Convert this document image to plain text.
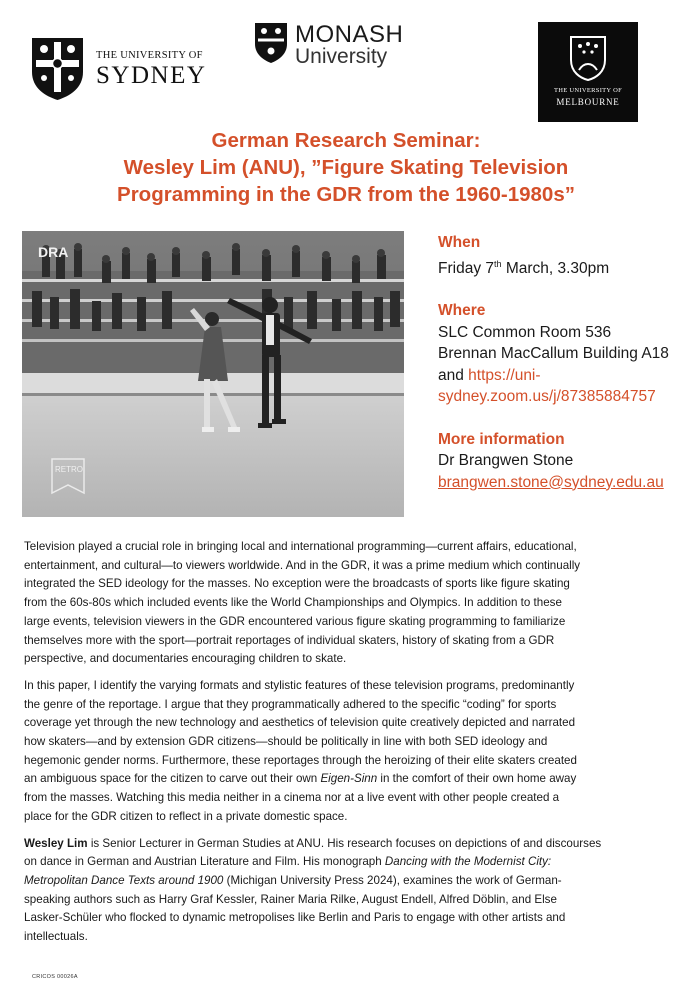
THE UNIVERSITY OF
SYDNEY
MONASH
University
THE UNIVERSITY OF
MELBOURNE
German Research Seminar:
Wesley Lim (ANU), ”Figure Skating Television
Programming in the GDR from the 1960-1980s”
DRA
RETRO
When
Friday 7th March, 3.30pm
Where
SLC Common Room 536
Brennan MacCallum Building A18
and https://uni-
sydney.zoom.us/j/87385884757
More information
Dr Brangwen Stone
brangwen.stone@sydney.edu.au

Television played a crucial role in bringing local and international programming—current affairs, educational,
entertainment, and cultural—to viewers worldwide. And in the GDR, it was a prime medium which continually
integrated the SED ideology for the masses. No exception were the broadcasts of sports like figure skating
from the 60s-80s which included events like the World Championships and Olympics. In addition to these
large events, television viewers in the GDR encountered various figure skating programming to familiarize
themselves more with the sport—portrait reportages of individual skaters, history of skating from a GDR
perspective, and documentaries encouraging children to skate.

In this paper, I identify the varying formats and stylistic features of these television programs, predominantly
the genre of the reportage. I argue that they programmatically adhered to the specific “coding” for sports
coverage yet through the new technology and aesthetics of television quite creatively depicted and narrated
how skaters—and by extension GDR citizens—should be politically in line with both SED ideology and
hegemonic gender norms. Furthermore, these reportages through the heroizing of their elite skaters created
an ambiguous space for the citizen to carve out their own Eigen-Sinn in the comfort of their own home away
from the masses. Watching this media neither in a cinema nor at a live event with other people created a
place for the GDR citizen to reflect in a private domestic space.

Wesley Lim is Senior Lecturer in German Studies at ANU. His research focuses on depictions of and discourses
on dance in German and Austrian Literature and Film. His monograph Dancing with the Modernist City:
Metropolitan Dance Texts around 1900 (Michigan University Press 2024), examines the work of German-
speaking authors such as Harry Graf Kessler, Rainer Maria Rilke, August Endell, Alfred Döblin, and Else
Lasker-Schüler who flocked to dynamic metropolises like Berlin and Paris to engage with other artists and
intellectuals.

CRICOS 00026A
